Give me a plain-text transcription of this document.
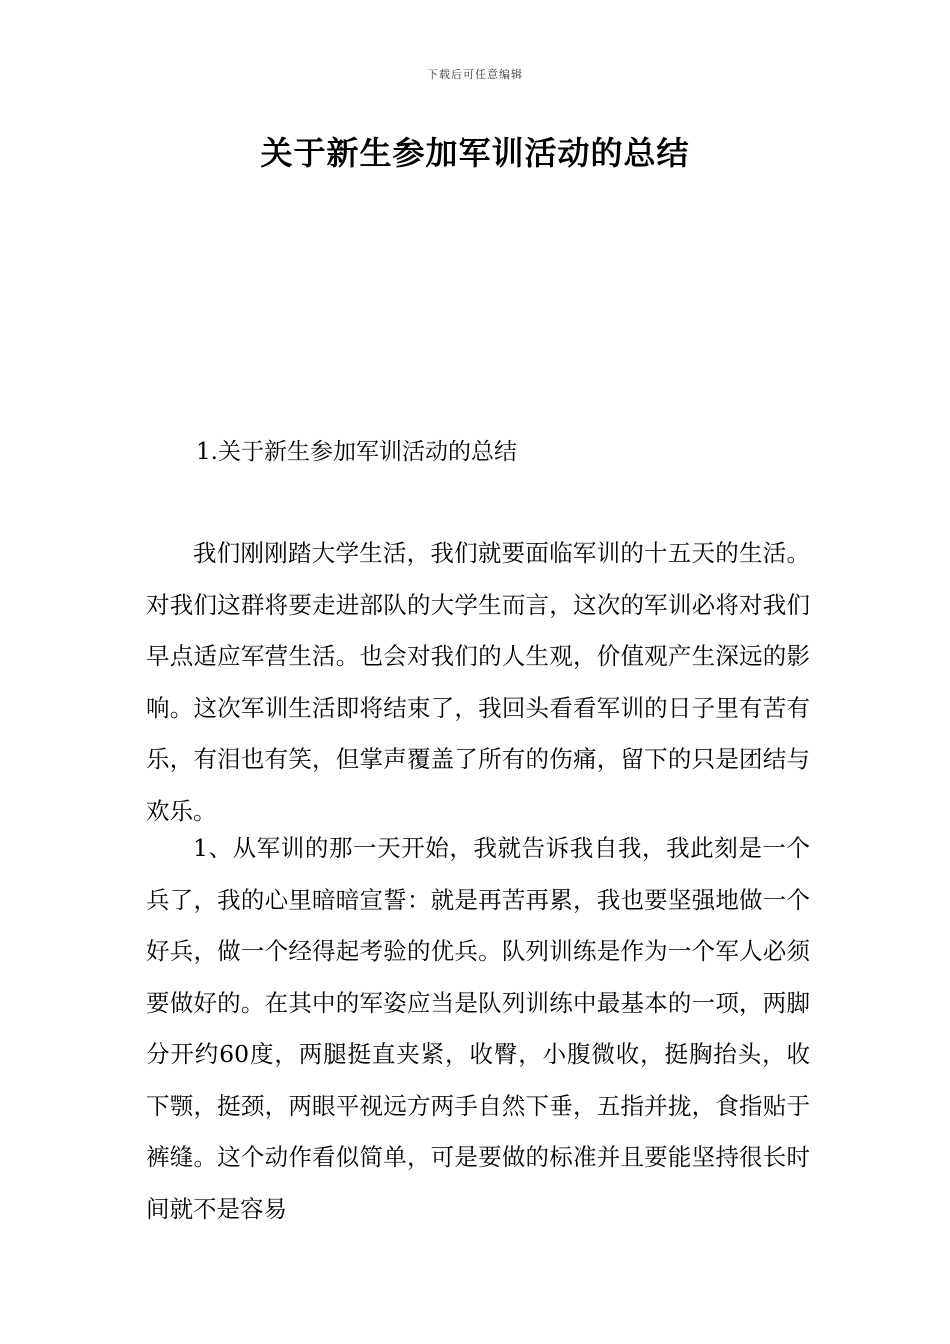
下载后可任意编辑
关于新生参加军训活动的总结
1.关于新生参加军训活动的总结

我们刚刚踏大学生活，我们就要面临军训的十五天的生活。对我们这群将要走进部队的大学生而言，这次的军训必将对我们早点适应军营生活。也会对我们的人生观，价值观产生深远的影响。这次军训生活即将结束了，我回头看看军训的日子里有苦有乐，有泪也有笑，但掌声覆盖了所有的伤痛，留下的只是团结与欢乐。

1、从军训的那一天开始，我就告诉我自我，我此刻是一个兵了，我的心里暗暗宣誓：就是再苦再累，我也要坚强地做一个好兵，做一个经得起考验的优兵。队列训练是作为一个军人必须要做好的。在其中的军姿应当是队列训练中最基本的一项，两脚分开约60度，两腿挺直夹紧，收臀，小腹微收，挺胸抬头，收下颚，挺颈，两眼平视远方两手自然下垂，五指并拢，食指贴于裤缝。这个动作看似简单，可是要做的标准并且要能坚持很长时间就不是容易
